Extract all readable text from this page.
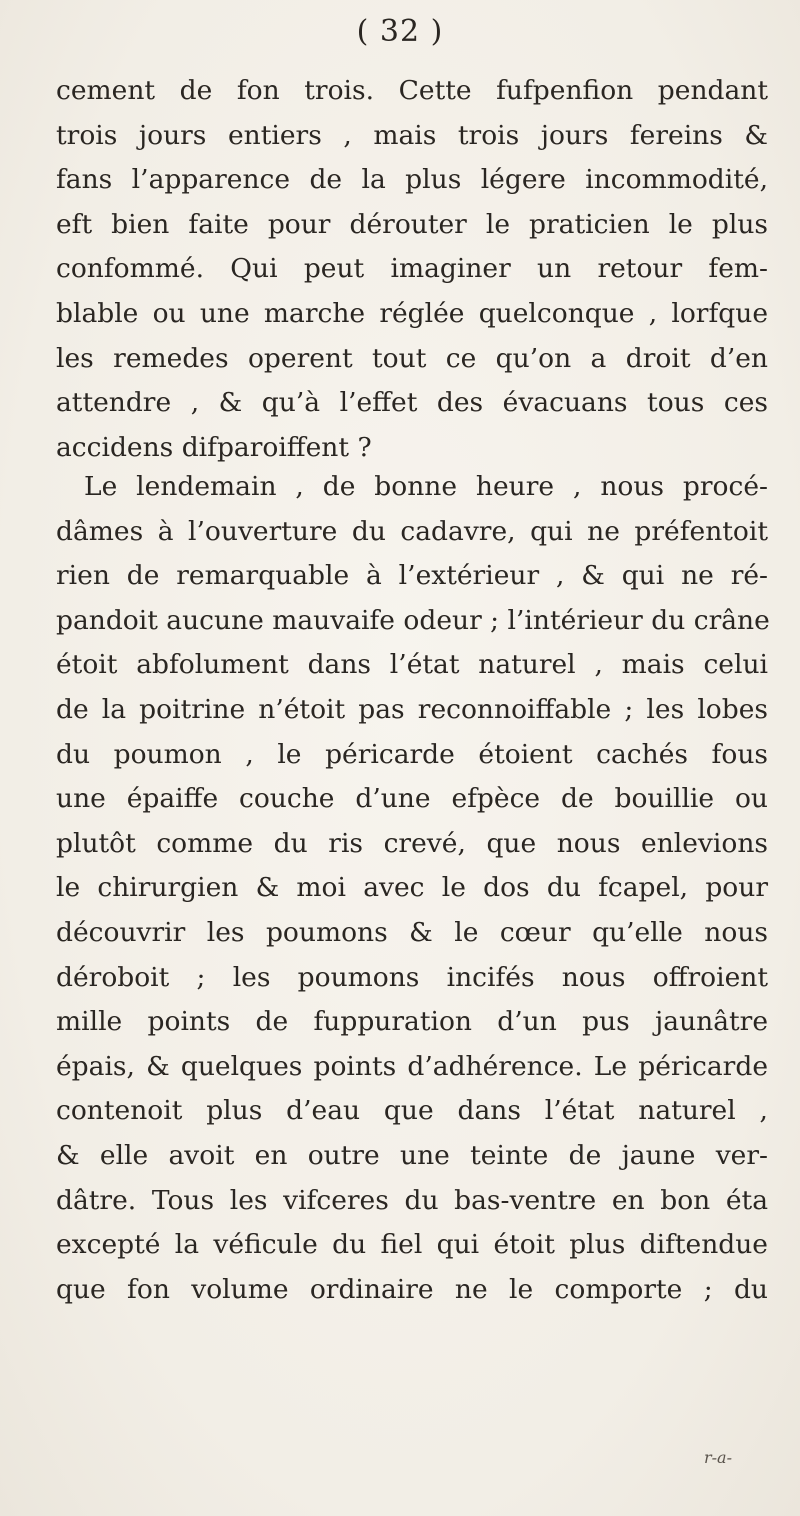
( 32 )
cement de fon trois. Cette fufpenfion pendant
trois jours entiers , mais trois jours fereins &
fans l’apparence de la plus légere incommodité,
eft bien faite pour dérouter le praticien le plus
confommé. Qui peut imaginer un retour fem-
blable ou une marche réglée quelconque , lorfque
les remedes operent tout ce qu’on a droit d’en
attendre , & qu’à l’effet des évacuans tous ces
accidens difparoiffent ?
Le lendemain , de bonne heure , nous procé-
dâmes à l’ouverture du cadavre, qui ne préfentoit
rien de remarquable à l’extérieur , & qui ne ré-
pandoit aucune mauvaife odeur ; l’intérieur du crâne
étoit abfolument dans l’état naturel , mais celui
de la poitrine n’étoit pas reconnoiffable ; les lobes
du poumon , le péricarde étoient cachés fous
une épaiffe couche d’une efpèce de bouillie ou
plutôt comme du ris crevé, que nous enlevions
le chirurgien & moi avec le dos du fcapel, pour
découvrir les poumons & le cœur qu’elle nous
déroboit ; les poumons incifés nous offroient
mille points de fuppuration d’un pus jaunâtre
épais, & quelques points d’adhérence. Le péricarde
contenoit plus d’eau que dans l’état naturel ,
& elle avoit en outre une teinte de jaune ver-
dâtre. Tous les vifceres du bas-ventre en bon éta
excepté la véficule du fiel qui étoit plus diftendue
que fon volume ordinaire ne le comporte ; du
r-a-
